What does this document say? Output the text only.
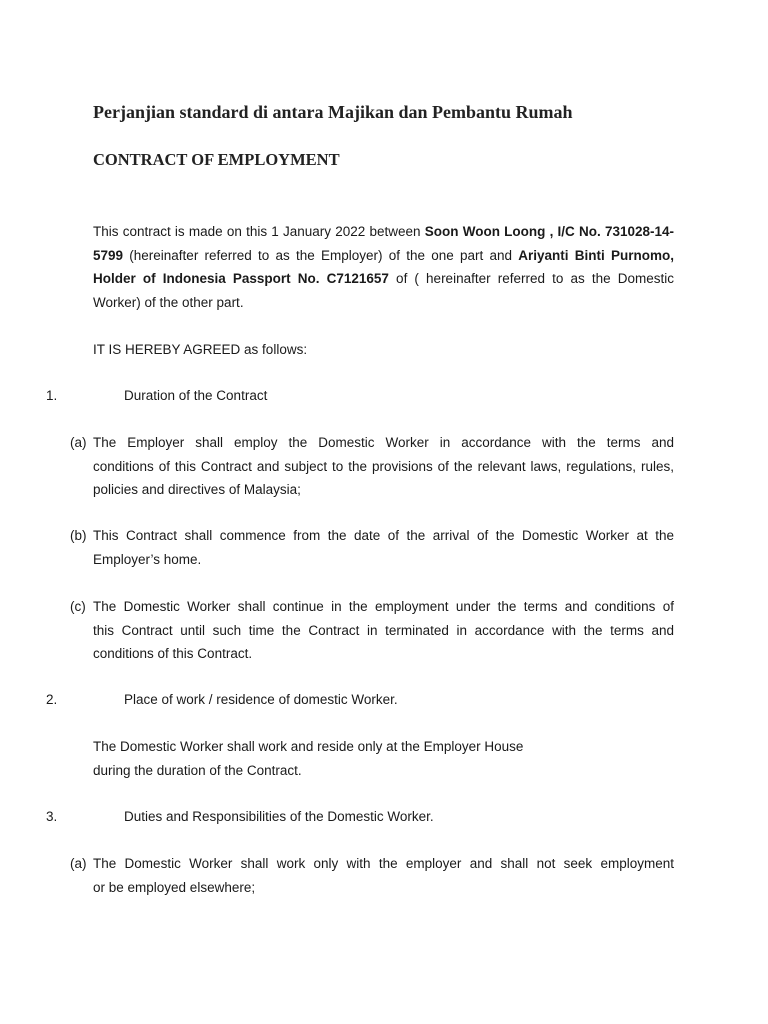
Perjanjian standard di antara Majikan dan Pembantu Rumah
CONTRACT OF EMPLOYMENT
This contract is made on this 1 January 2022 between Soon Woon Loong , I/C No. 731028-14-5799 (hereinafter referred to as the Employer) of the one part and Ariyanti Binti Purnomo, Holder of Indonesia Passport No. C7121657 of ( hereinafter referred to as the Domestic Worker) of the other part.
IT IS HEREBY AGREED as follows:
1.	Duration of the Contract
(a) The Employer shall employ the Domestic Worker in accordance with the terms and
conditions of this Contract and subject to the provisions of the relevant laws, regulations, rules, policies and directives of Malaysia;
(b) This Contract shall commence from the date of the arrival of the Domestic Worker at the
Employer’s home.
(c) The Domestic Worker shall continue in the employment under the terms and conditions of
this Contract until such time the Contract in terminated in accordance with the terms and conditions of this Contract.
2.	Place of work / residence of domestic Worker.
The Domestic Worker shall work and reside only at the Employer House
during the duration of the Contract.
3.	Duties and Responsibilities of the Domestic Worker.
(a) The Domestic Worker shall work only with the employer and shall not seek employment
or be employed elsewhere;
